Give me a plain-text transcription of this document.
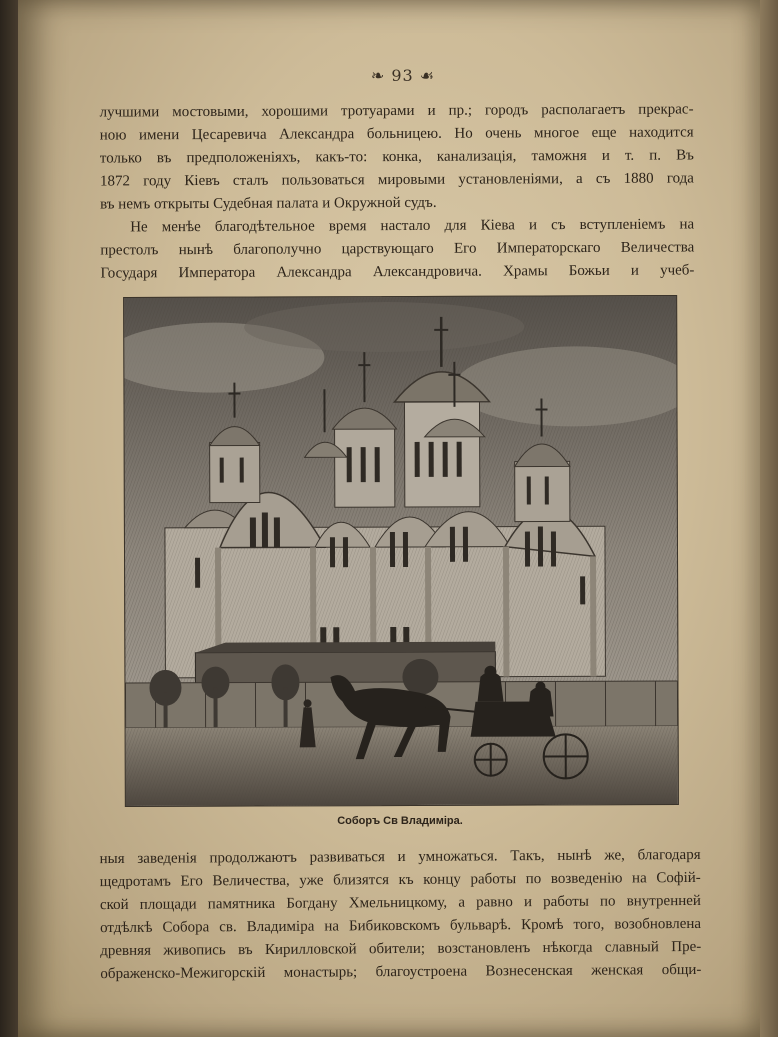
❧ 93 ☙
лучшими мостовыми, хорошими тротуарами и пр.; городъ располагаетъ прекрас-
ною имени Цесаревича Александра больницею. Но очень многое еще находится
только въ предположеніяхъ, какъ-то: конка, канализація, таможня и т. п. Въ
1872 году Кіевъ сталъ пользоваться мировыми установленіями, а съ 1880 года
въ немъ открыты Судебная палата и Окружной судъ.
Не менѣе благодѣтельное время настало для Кіева и съ вступленіемъ на
престолъ нынѣ благополучно царствующаго Его Императорскаго Величества
Государя Императора Александра Александровича. Храмы Божьи и учеб-
Соборъ Св Владиміра.
ныя заведенія продолжаютъ развиваться и умножаться. Такъ, нынѣ же, благодаря
щедротамъ Его Величества, уже близятся къ концу работы по возведенію на Софій-
ской площади памятника Богдану Хмельницкому, а равно и работы по внутренней
отдѣлкѣ Собора св. Владиміра на Бибиковскомъ бульварѣ. Кромѣ того, возобновлена
древняя живопись въ Кирилловской обители; возстановленъ нѣкогда славный Пре-
ображенско-Межигорскій монастырь; благоустроена Вознесенская женская общи-
